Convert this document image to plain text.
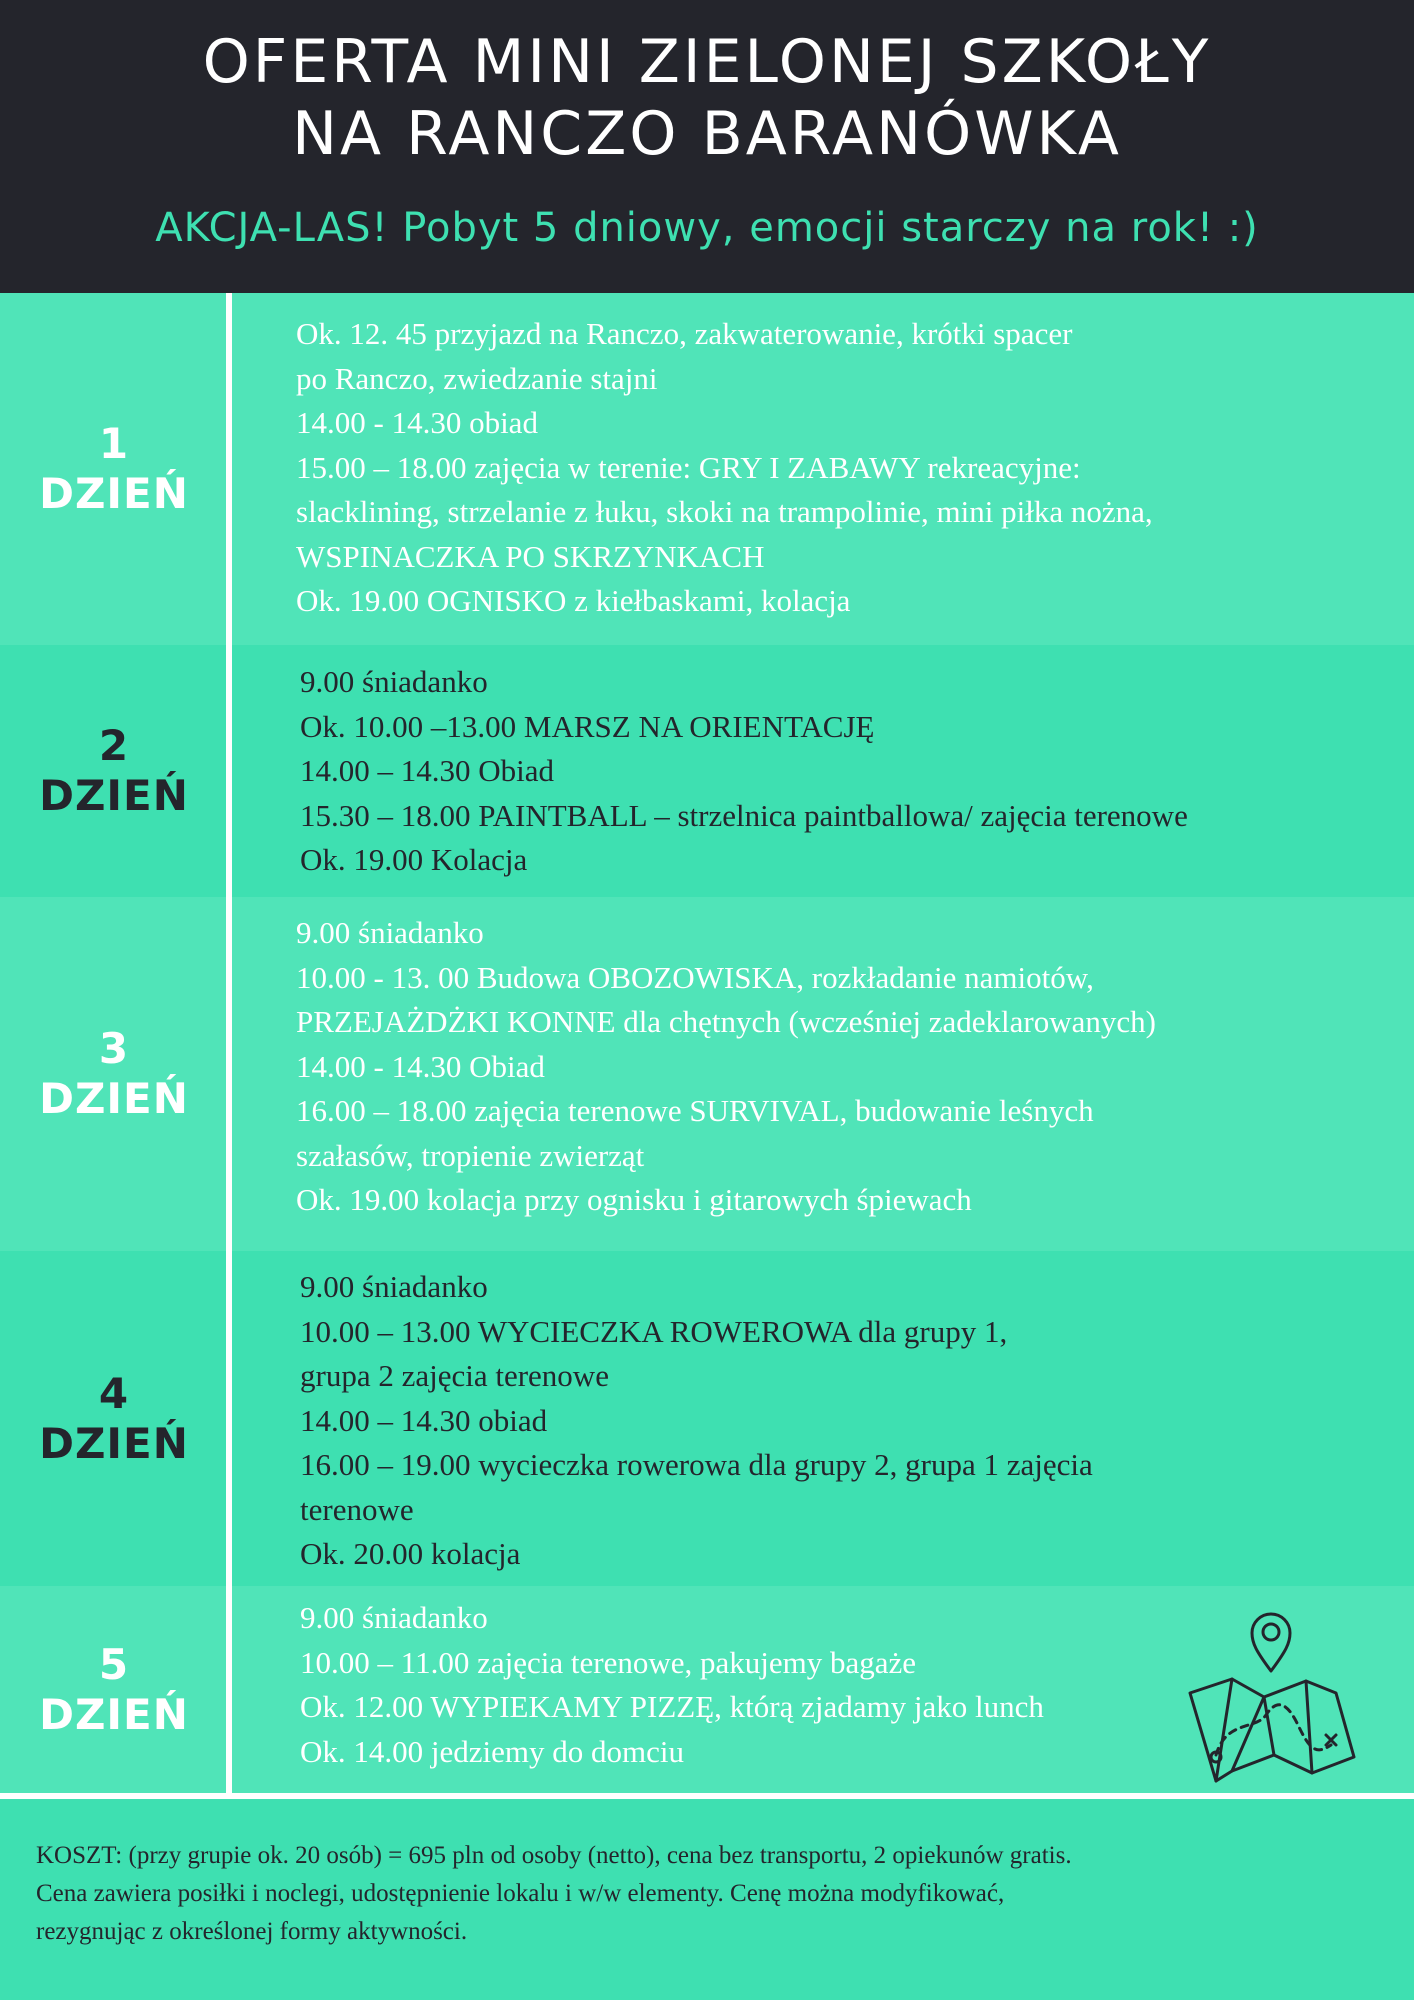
OFERTA MINI ZIELONEJ SZKOŁY
NA RANCZO BARANÓWKA
AKCJA-LAS! Pobyt 5 dniowy, emocji starczy na rok! :)
1
DZIEŃ
Ok. 12. 45 przyjazd na Ranczo, zakwaterowanie, krótki spacer
po Ranczo, zwiedzanie stajni
14.00 - 14.30 obiad
15.00 – 18.00 zajęcia w terenie: GRY I ZABAWY rekreacyjne:
slacklining, strzelanie z łuku, skoki na trampolinie, mini piłka nożna,
WSPINACZKA PO SKRZYNKACH
Ok. 19.00 OGNISKO z kiełbaskami, kolacja
2
DZIEŃ
9.00 śniadanko
Ok. 10.00 –13.00 MARSZ NA ORIENTACJĘ
14.00 – 14.30 Obiad
15.30 – 18.00 PAINTBALL – strzelnica paintballowa/ zajęcia terenowe
Ok. 19.00 Kolacja
3
DZIEŃ
9.00 śniadanko
10.00 - 13. 00 Budowa OBOZOWISKA, rozkładanie namiotów,
PRZEJAŻDŻKI KONNE dla chętnych (wcześniej zadeklarowanych)
14.00 - 14.30 Obiad
16.00 – 18.00 zajęcia terenowe SURVIVAL, budowanie leśnych
szałasów, tropienie zwierząt
Ok. 19.00 kolacja przy ognisku i gitarowych śpiewach
4
DZIEŃ
9.00 śniadanko
10.00 – 13.00 WYCIECZKA ROWEROWA dla grupy 1,
grupa 2 zajęcia terenowe
14.00 – 14.30 obiad
16.00 – 19.00 wycieczka rowerowa dla grupy 2, grupa 1 zajęcia
terenowe
Ok. 20.00 kolacja
5
DZIEŃ
9.00 śniadanko
10.00 – 11.00 zajęcia terenowe, pakujemy bagaże
Ok. 12.00 WYPIEKAMY PIZZĘ, którą zjadamy jako lunch
Ok. 14.00 jedziemy do domciu
KOSZT: (przy grupie ok. 20 osób) = 695 pln od osoby (netto), cena bez transportu, 2 opiekunów gratis.
Cena zawiera posiłki i noclegi, udostępnienie lokalu i w/w elementy. Cenę można modyfikować,
rezygnując z określonej formy aktywności.
